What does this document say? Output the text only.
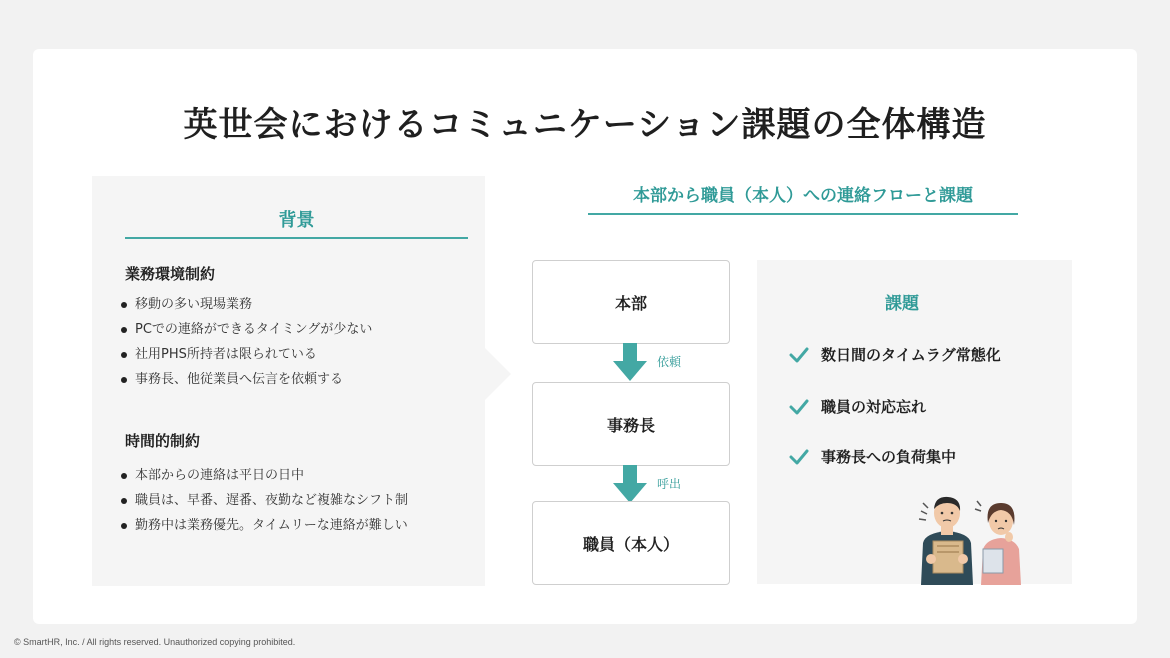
英世会におけるコミュニケーション課題の全体構造
背景
業務環境制約
移動の多い現場業務
PCでの連絡ができるタイミングが少ない
社用PHS所持者は限られている
事務長、他従業員へ伝言を依頼する
時間的制約
本部からの連絡は平日の日中
職員は、早番、遅番、夜勤など複雑なシフト制
勤務中は業務優先。タイムリーな連絡が難しい
本部から職員（本人）への連絡フローと課題
本部
依頼
事務長
呼出
職員（本人）
課題
数日間のタイムラグ常態化
職員の対応忘れ
事務長への負荷集中
© SmartHR, Inc. / All rights reserved. Unauthorized copying prohibited.
